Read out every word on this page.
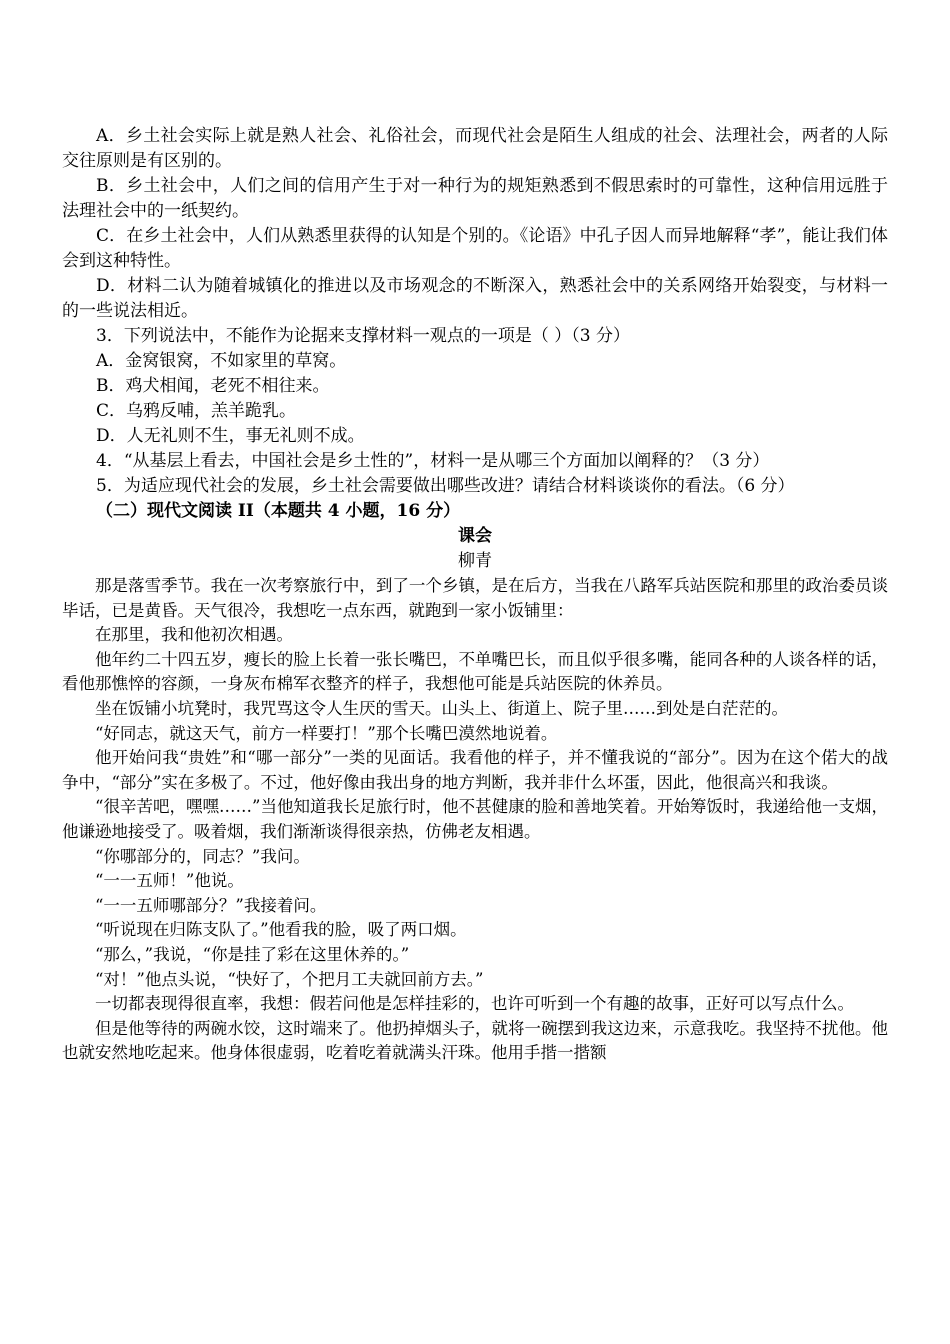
A．乡土社会实际上就是熟人社会、礼俗社会，而现代社会是陌生人组成的社会、法理社会，两者的人际交往原则是有区别的。

B．乡土社会中，人们之间的信用产生于对一种行为的规矩熟悉到不假思索时的可靠性，这种信用远胜于法理社会中的一纸契约。

C．在乡土社会中，人们从熟悉里获得的认知是个别的。《论语》中孔子因人而异地解释“孝”，能让我们体会到这种特性。

D．材料二认为随着城镇化的推进以及市场观念的不断深入，熟悉社会中的关系网络开始裂变，与材料一的一些说法相近。

3．下列说法中，不能作为论据来支撑材料一观点的一项是（ ）（3 分）

A．金窝银窝，不如家里的草窝。

B．鸡犬相闻，老死不相往来。

C．乌鸦反哺，羔羊跪乳。

D．人无礼则不生，事无礼则不成。

4．“从基层上看去，中国社会是乡土性的”，材料一是从哪三个方面加以阐释的？（3 分）

5．为适应现代社会的发展，乡土社会需要做出哪些改进？请结合材料谈谈你的看法。（6 分）

（二）现代文阅读 II（本题共 4 小题，16 分）

课会

柳青

那是落雪季节。我在一次考察旅行中，到了一个乡镇，是在后方，当我在八路军兵站医院和那里的政治委员谈毕话，已是黄昏。天气很冷，我想吃一点东西，就跑到一家小饭铺里：

在那里，我和他初次相遇。

他年约二十四五岁，瘦长的脸上长着一张长嘴巴，不单嘴巴长，而且似乎很多嘴，能同各种的人谈各样的话，看他那憔悴的容颜，一身灰布棉军衣整齐的样子，我想他可能是兵站医院的休养员。

坐在饭铺小坑凳时，我咒骂这令人生厌的雪天。山头上、街道上、院子里……到处是白茫茫的。

“好同志，就这天气，前方一样要打！”那个长嘴巴漠然地说着。

他开始问我“贵姓”和“哪一部分”一类的见面话。我看他的样子，并不懂我说的“部分”。因为在这个偌大的战争中，“部分”实在多极了。不过，他好像由我出身的地方判断，我并非什么坏蛋，因此，他很高兴和我谈。

“很辛苦吧，嘿嘿……”当他知道我长足旅行时，他不甚健康的脸和善地笑着。开始筹饭时，我递给他一支烟，他谦逊地接受了。吸着烟，我们渐渐谈得很亲热，仿佛老友相遇。

“你哪部分的，同志？”我问。

“一一五师！”他说。

“一一五师哪部分？”我接着问。

“听说现在归陈支队了。”他看我的脸，吸了两口烟。

“那么，”我说，“你是挂了彩在这里休养的。”

“对！”他点头说，“快好了，个把月工夫就回前方去。”

一切都表现得很直率，我想：假若问他是怎样挂彩的，也许可听到一个有趣的故事，正好可以写点什么。

但是他等待的两碗水饺，这时端来了。他扔掉烟头子，就将一碗摆到我这边来，示意我吃。我坚持不扰他。他也就安然地吃起来。他身体很虚弱，吃着吃着就满头汗珠。他用手揩一揩额
